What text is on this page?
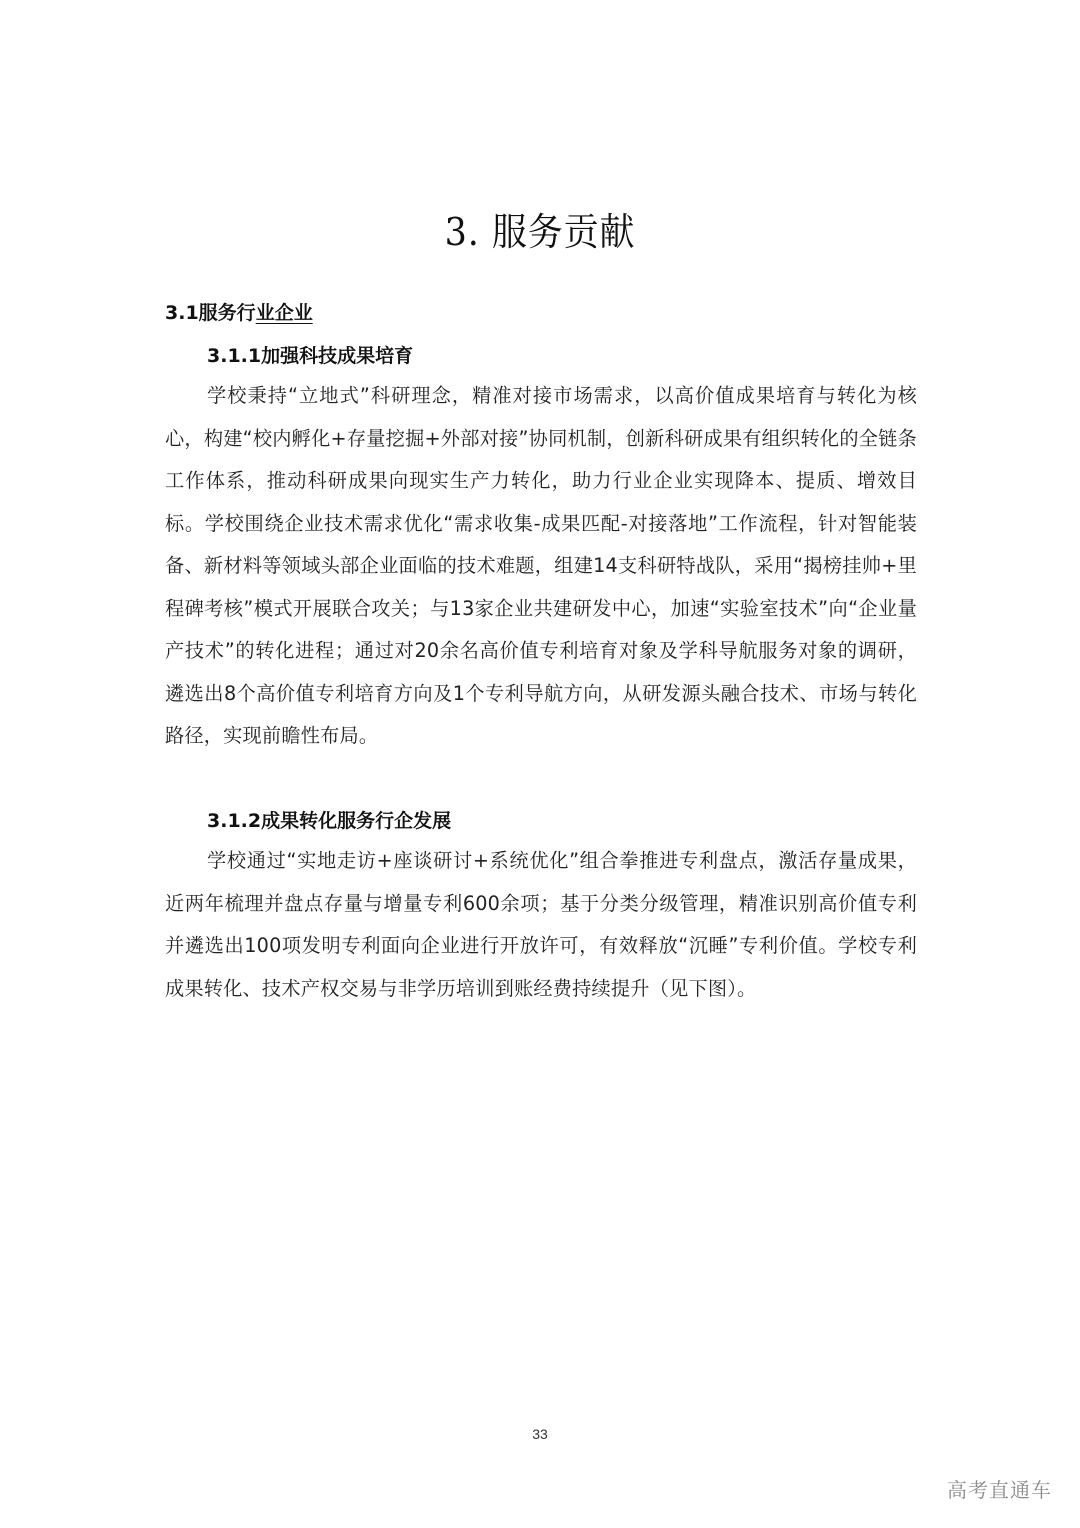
3. 服务贡献
3.1服务行业企业
3.1.1加强科技成果培育
学校秉持“立地式”科研理念，精准对接市场需求，以高价值成果培育与转化为核心，构建“校内孵化+存量挖掘+外部对接”协同机制，创新科研成果有组织转化的全链条工作体系，推动科研成果向现实生产力转化，助力行业企业实现降本、提质、增效目标。学校围绕企业技术需求优化“需求收集-成果匹配-对接落地”工作流程，针对智能装备、新材料等领域头部企业面临的技术难题，组建14支科研特战队，采用“揭榜挂帅+里程碑考核”模式开展联合攻关；与13家企业共建研发中心，加速“实验室技术”向“企业量产技术”的转化进程；通过对20余名高价值专利培育对象及学科导航服务对象的调研，遴选出8个高价值专利培育方向及1个专利导航方向，从研发源头融合技术、市场与转化路径，实现前瞻性布局。
3.1.2成果转化服务行企发展
学校通过“实地走访+座谈研讨+系统优化”组合拳推进专利盘点，激活存量成果，近两年梳理并盘点存量与增量专利600余项；基于分类分级管理，精准识别高价值专利并遴选出100项发明专利面向企业进行开放许可，有效释放“沉睡”专利价值。学校专利成果转化、技术产权交易与非学历培训到账经费持续提升（见下图）。
33
高考直通车
